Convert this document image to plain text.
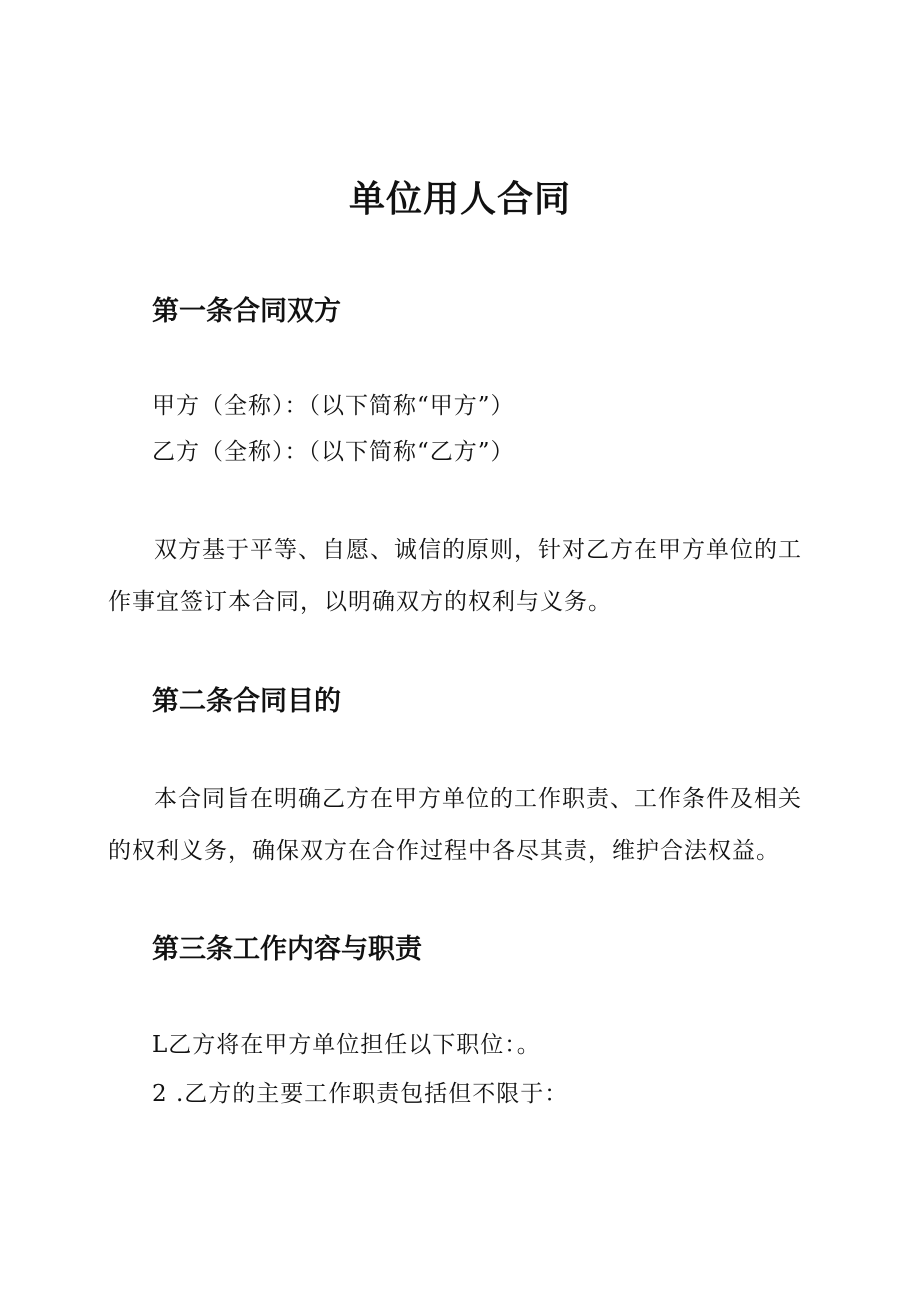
单位用人合同
第一条合同双方
甲方（全称）：（以下简称“甲方”）
乙方（全称）：（以下简称“乙方”）
双方基于平等、自愿、诚信的原则，针对乙方在甲方单位的工作事宜签订本合同，以明确双方的权利与义务。
第二条合同目的
本合同旨在明确乙方在甲方单位的工作职责、工作条件及相关的权利义务，确保双方在合作过程中各尽其责，维护合法权益。
第三条工作内容与职责
L乙方将在甲方单位担任以下职位：。
2 .乙方的主要工作职责包括但不限于：
